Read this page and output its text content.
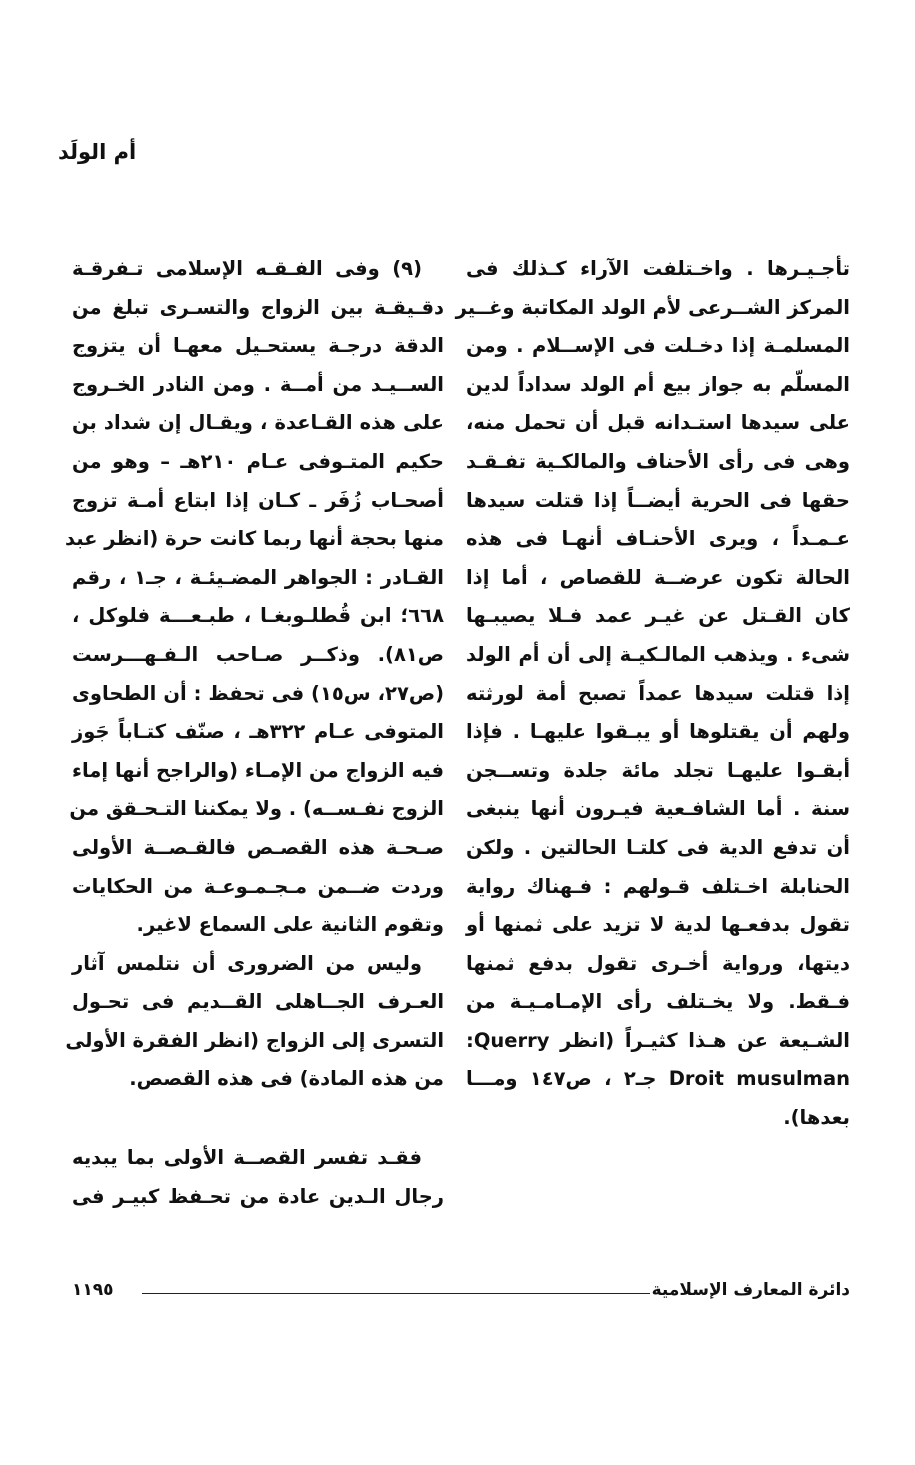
أم الولَد
تأجـيـرها . واخـتلفت الآراء كـذلك فى
المركز الشــرعى لأم الولد المكاتبة وغــير
المسلمـة إذا دخـلت فى الإســلام . ومن
المسلّم به جواز بيع أم الولد سداداً لدين
على سيدها استـدانه قبل أن تحمل منه،
وهى فى رأى الأحناف والمالكـية تفـقـد
حقها فى الحرية أيضــاً إذا قتلت سيدها
عـمـداً ، ويرى الأحنـاف أنهـا فى هذه
الحالة تكون عرضــة للقصاص ، أما إذا
كان القـتل عن غيـر عمد فـلا يصيبـها
شىء . ويذهب المالـكيـة إلى أن أم الولد
إذا قتلت سيدها عمداً تصبح أمة لورثته
ولهم أن يقتلوها أو يبـقوا عليهـا . فإذا
أبقـوا عليهـا تجلد مائة جلدة وتســجن
سنة . أما الشافـعية فيـرون أنها ينبغى
أن تدفع الدية فى كلتـا الحالتين . ولكن
الحنابلة اخـتلف قـولهم : فـهناك رواية
تقول بدفعـها لدية لا تزيد على ثمنها أو
ديتها، ورواية أخـرى تقول بدفع ثمنها
فـقط. ولا يخـتلف رأى الإمـامـيـة من
الشـيعة عن هـذا كثيـراً (انظر Querry:
Droit musulman جـ٢ ، ص١٤٧ ومـــا
بعدها).
(٩) وفى الفـقـه الإسلامى تـفرقـة
دقـيقـة بين الزواج والتسـرى تبلغ من
الدقة درجـة يستحـيل معهـا أن يتزوج
الســيـد من أمــة . ومن النادر الخـروج
على هذه القـاعدة ، ويقـال إن شداد بن
حكيم المتـوفى عـام ٢١٠هـ – وهو من
أصحـاب زُفَر ـ كـان إذا ابتاع أمـة تزوج
منها بحجة أنها ربما كانت حرة (انظر عبد
القـادر : الجواهر المضـيئـة ، جـ١ ، رقم
٦٦٨؛ ابن قُطلـوبغـا ، طبـعـــة فلوكل ،
ص٨١). وذكــر صـاحب الـفـهـــرست
(ص٢٧، س١٥) فى تحفظ : أن الطحاوى
المتوفى عـام ٣٢٢هـ ، صنّف كتـاباً جَوز
فيه الزواج من الإمـاء (والراجح أنها إماء
الزوج نفـســه) . ولا يمكننا التـحـقق من
صـحـة هذه القصـص فالقـصــة الأولى
وردت ضــمن مـجـمـوعـة من الحكايات
وتقوم الثانية على السماع لاغير.
وليس من الضرورى أن نتلمس آثار
العـرف الجــاهلى القــديم فى تحـول
التسرى إلى الزواج (انظر الفقرة الأولى
من هذه المادة) فى هذه القصص.
فقـد تفسر القصــة الأولى بما يبديه
رجال الـدين عادة من تحـفظ كبيـر فى
دائرة المعارف الإسلامية
١١٩٥
